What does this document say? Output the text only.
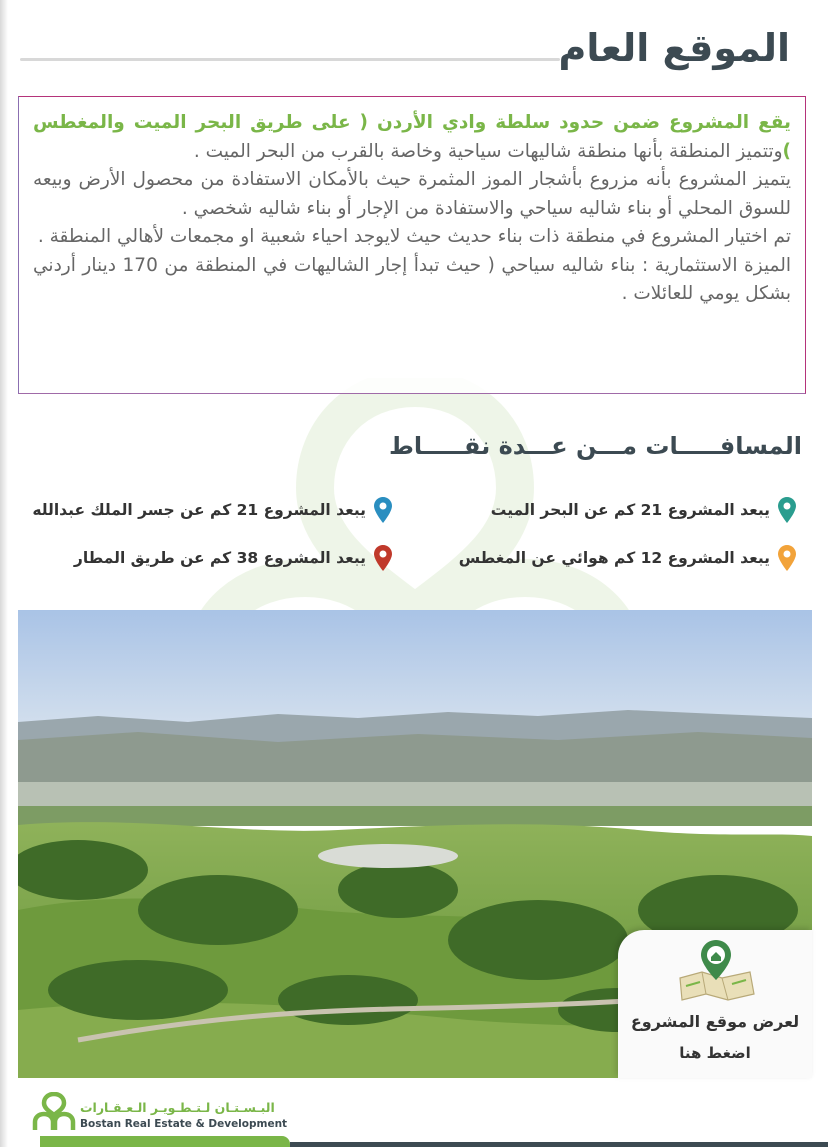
الموقع العام

يقع المشروع ضمن حدود سلطة وادي الأردن ( على طريق البحر الميت والمغطس )وتتميز المنطقة بأنها منطقة شاليهات سياحية وخاصة بالقرب من البحر الميت .

يتميز المشروع بأنه مزروع بأشجار الموز المثمرة حيث بالأمكان الاستفادة من محصول الأرض وبيعه للسوق المحلي أو بناء شاليه سياحي والاستفادة من الإجار أو بناء شاليه شخصي .

تم اختيار المشروع في منطقة ذات بناء حديث حيث لايوجد احياء شعبية او مجمعات لأهالي المنطقة .

الميزة الاستثمارية : بناء شاليه سياحي ( حيث تبدأ إجار الشاليهات في المنطقة من 170 دينار أردني بشكل يومي للعائلات .

المسافـــــات مـــن عـــدة نقـــــاط
يبعد المشروع 21 كم عن البحر الميت
يبعد المشروع 21 كم عن جسر الملك عبدالله
يبعد المشروع 12 كم هوائي عن المغطس
يبعد المشروع 38 كم عن طريق المطار
لعرض موقع المشروع
اضغط هنا
البـسـتـان لـتـطـويـر الـعـقـارات
Bostan Real Estate & Development
